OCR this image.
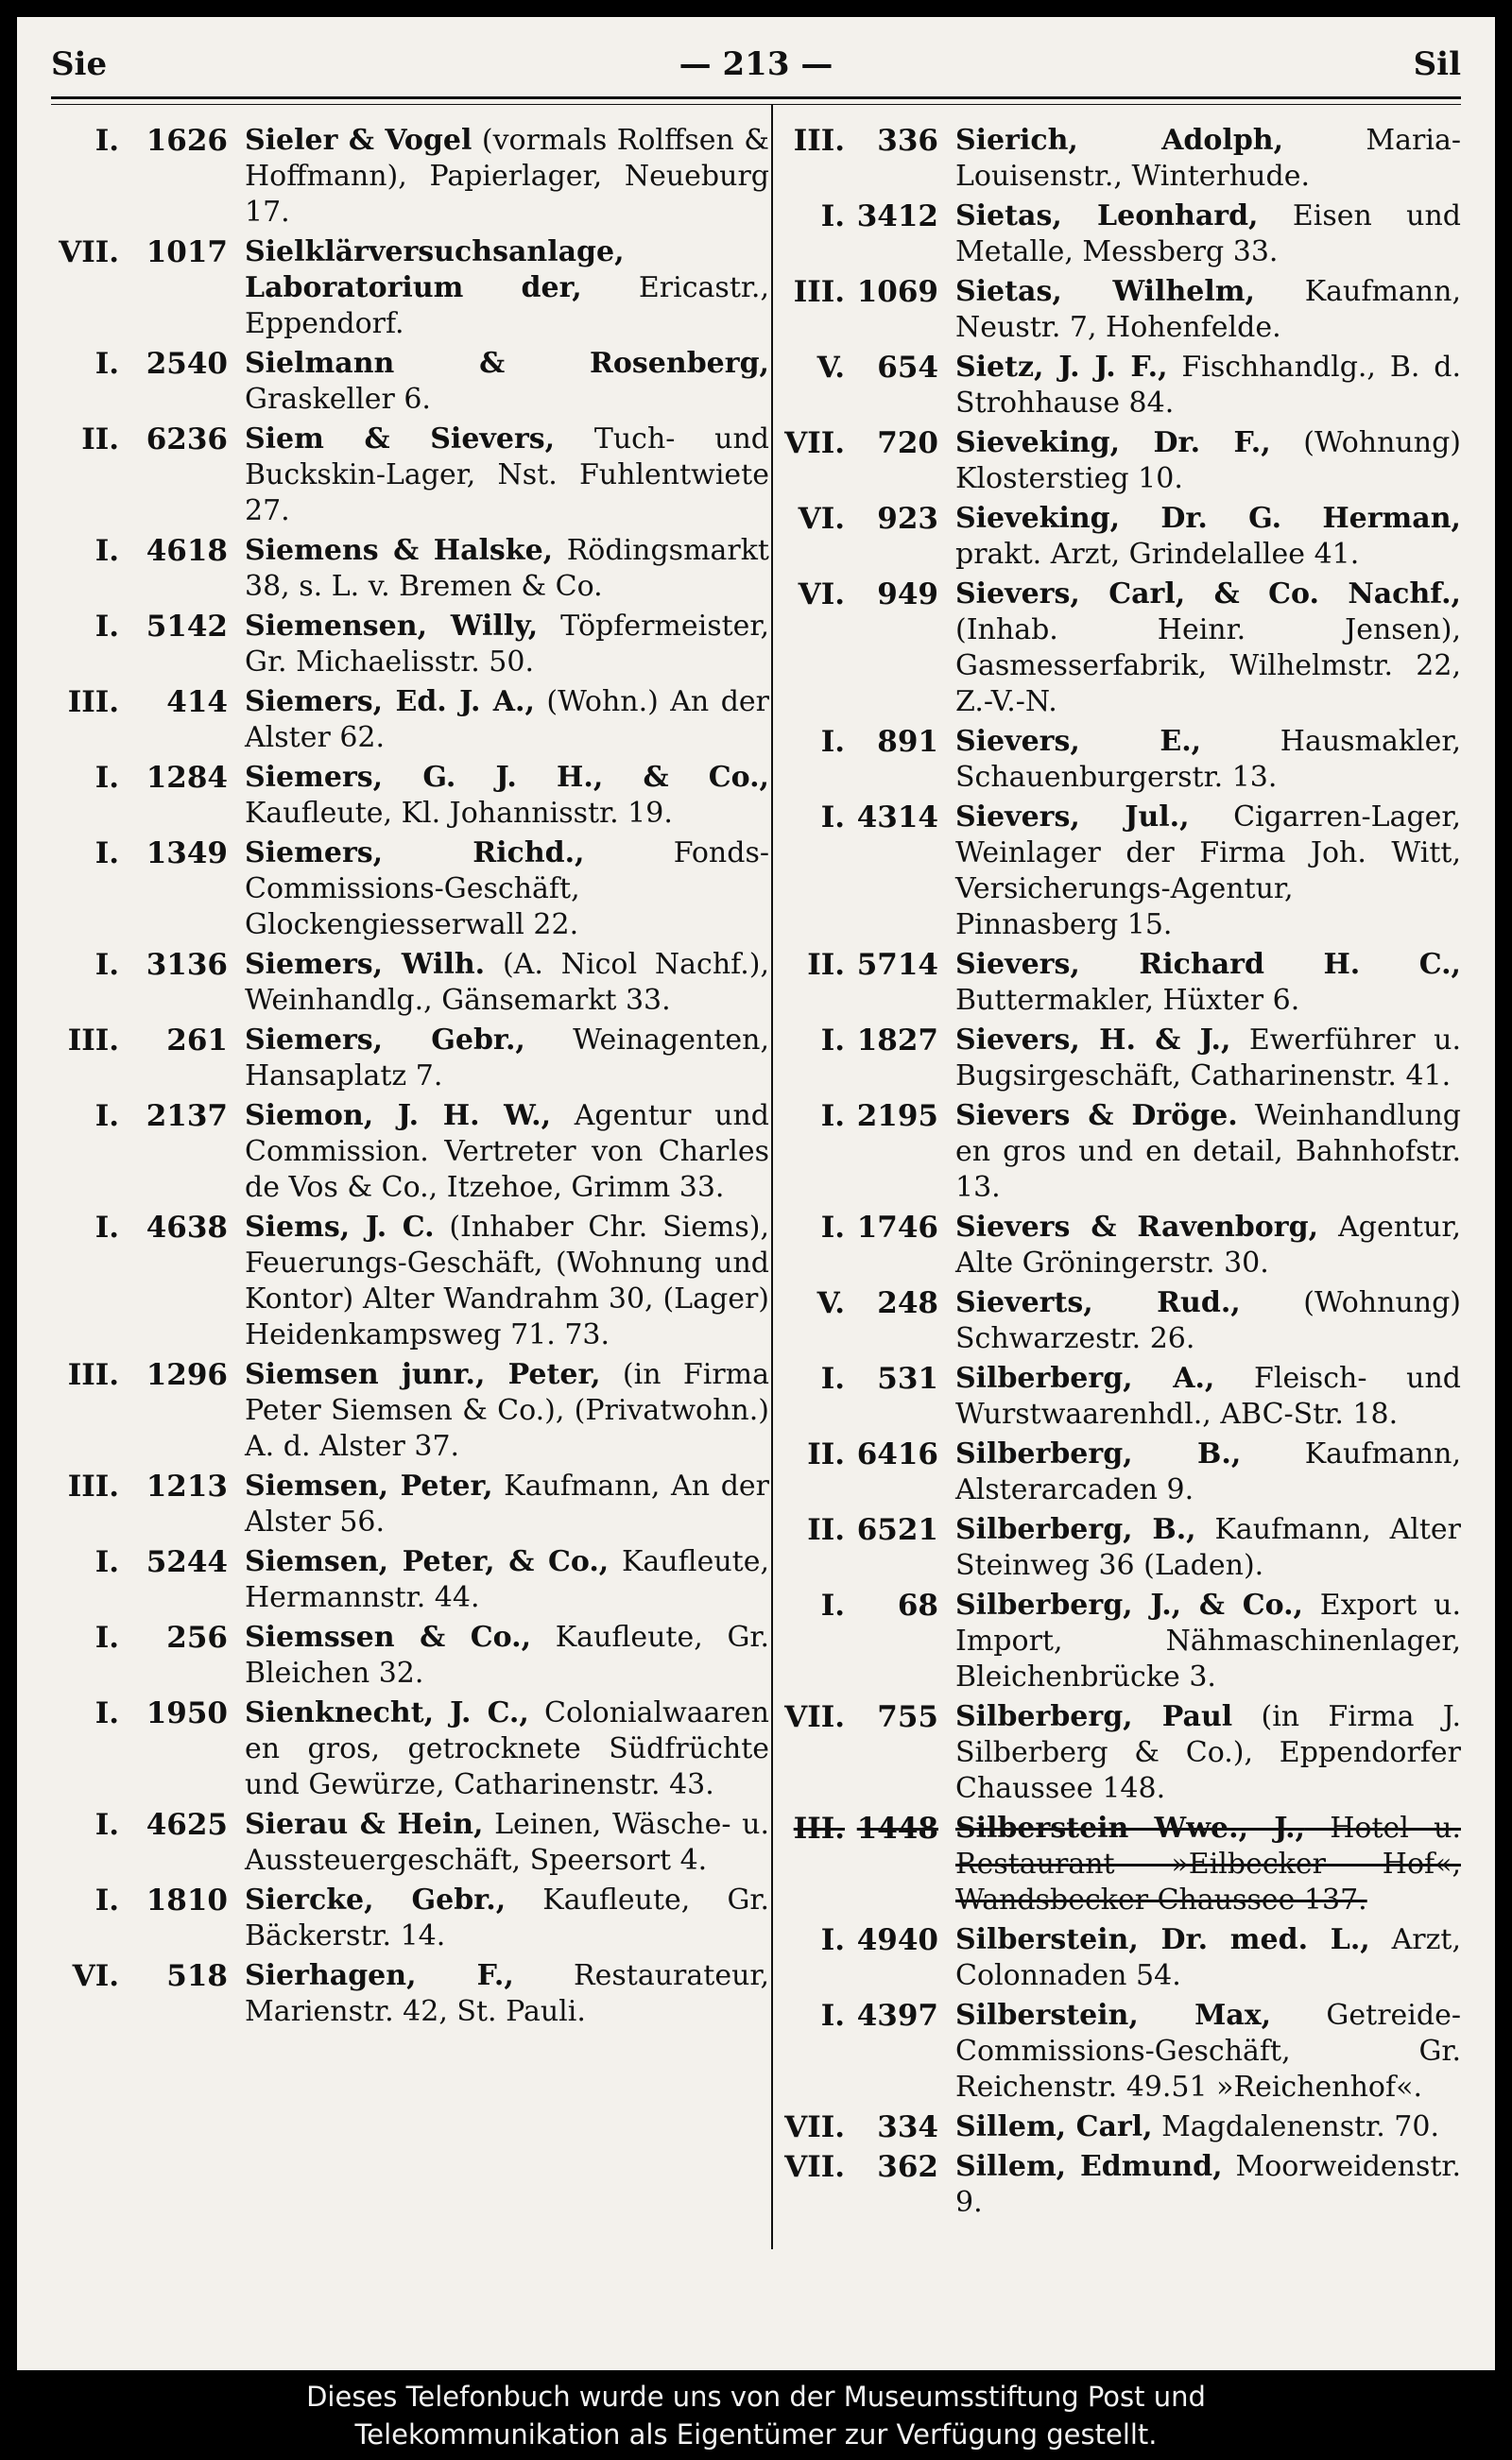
Sie	— 213 —	Sil
I. 1626 Sieler & Vogel (vormals Rolffsen & Hoffmann), Papierlager, Neueburg 17.
VII. 1017 Sielklärversuchsanlage, Laboratorium der, Ericastr., Eppendorf.
I. 2540 Sielmann & Rosenberg, Graskeller 6.
II. 6236 Siem & Sievers, Tuch- und Buckskin-Lager, Nst. Fuhlentwiete 27.
I. 4618 Siemens & Halske, Rödingsmarkt 38, s. L. v. Bremen & Co.
I. 5142 Siemensen, Willy, Töpfermeister, Gr. Michaelisstr. 50.
III.	414 Siemers, Ed. J. A., (Wohn.) An der Alster 62.
I. 1284 Siemers, G. J. H., & Co., Kaufleute, Kl. Johannisstr. 19.
I. 1349 Siemers, Richd., Fonds-Commissions-Geschäft, Glockengiesserwall 22.
I. 3136 Siemers, Wilh. (A. Nicol Nachf.), Weinhandlg., Gänsemarkt 33.
III.	261 Siemers, Gebr., Weinagenten, Hansaplatz 7.
I. 2137 Siemon, J. H. W., Agentur und Commission. Vertreter von Charles de Vos & Co., Itzehoe, Grimm 33.
I. 4638 Siems, J. C. (Inhaber Chr. Siems), Feuerungs-Geschäft, (Wohnung und Kontor) Alter Wandrahm 30, (Lager) Heidenkampsweg 71. 73.
III. 1296 Siemsen junr., Peter, (in Firma Peter Siemsen & Co.), (Privatwohn.) A. d. Alster 37.
III. 1213 Siemsen, Peter, Kaufmann, An der Alster 56.
I. 5244 Siemsen, Peter, & Co., Kaufleute, Hermannstr. 44.
I.	256 Siemssen & Co., Kaufleute, Gr. Bleichen 32.
I. 1950 Sienknecht, J. C., Colonialwaaren en gros, getrocknete Südfrüchte und Gewürze, Catharinenstr. 43.
I. 4625 Sierau & Hein, Leinen, Wäsche- u. Aussteuergeschäft, Speersort 4.
I. 1810 Siercke, Gebr., Kaufleute, Gr. Bäckerstr. 14.
VI.	518 Sierhagen, F., Restaurateur, Marienstr. 42, St. Pauli.
III.	336 Sierich, Adolph, Maria-Louisenstr., Winterhude.
I. 3412 Sietas, Leonhard, Eisen und Metalle, Messberg 33.
III. 1069 Sietas, Wilhelm, Kaufmann, Neustr. 7, Hohenfelde.
V.	654 Sietz, J. J. F., Fischhandlg., B. d. Strohhause 84.
VII.	720 Sieveking, Dr. F., (Wohnung) Klosterstieg 10.
VI.	923 Sieveking, Dr. G. Herman, prakt. Arzt, Grindelallee 41.
VI.	949 Sievers, Carl, & Co. Nachf., (Inhab. Heinr. Jensen), Gasmesserfabrik, Wilhelmstr. 22, Z.-V.-N.
I.	891 Sievers, E., Hausmakler, Schauenburgerstr. 13.
I. 4314 Sievers, Jul., Cigarren-Lager, Weinlager der Firma Joh. Witt, Versicherungs-Agentur, Pinnasberg 15.
II. 5714 Sievers, Richard H. C., Buttermakler, Hüxter 6.
I. 1827 Sievers, H. & J., Ewerführer u. Bugsirgeschäft, Catharinenstr. 41.
I. 2195 Sievers & Dröge. Weinhandlung en gros und en detail, Bahnhofstr. 13.
I. 1746 Sievers & Ravenborg, Agentur, Alte Gröningerstr. 30.
V.	248 Sieverts, Rud., (Wohnung) Schwarzestr. 26.
I.	531 Silberberg, A., Fleisch- und Wurstwaarenhdl., ABC-Str. 18.
II. 6416 Silberberg, B., Kaufmann, Alsterarcaden 9.
II. 6521 Silberberg, B., Kaufmann, Alter Steinweg 36 (Laden).
I.	68 Silberberg, J., & Co., Export u. Import, Nähmaschinenlager, Bleichenbrücke 3.
VII.	755 Silberberg, Paul (in Firma J. Silberberg & Co.), Eppendorfer Chaussee 148.
III. 1448 Silberstein Wwe., J., Hotel u. Restaurant »Eilbecker Hof«, Wandsbecker Chaussee 137.
I. 4940 Silberstein, Dr. med. L., Arzt, Colonnaden 54.
I. 4397 Silberstein, Max, Getreide-Commissions-Geschäft, Gr. Reichenstr. 49.51 »Reichenhof«.
VII.	334 Sillem, Carl, Magdalenenstr. 70.
VII.	362 Sillem, Edmund, Moorweidenstr. 9.
Dieses Telefonbuch wurde uns von der Museumsstiftung Post und
Telekommunikation als Eigentümer zur Verfügung gestellt.
